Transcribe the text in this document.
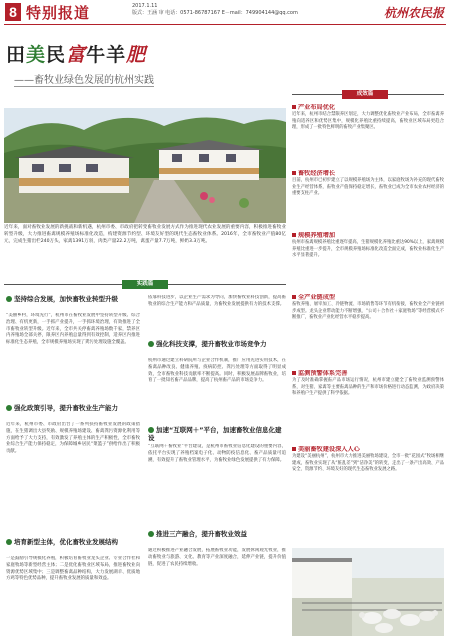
8 特别报道	2017.1.11
版式：王涵 审 电话：0571-86787167 E－mail：749904144@qq.com	杭州农民报
田美民富牛羊肥
——畜牧业绿色发展的杭州实践
近年来，面对畜牧业发展的新挑战和新机遇，杭州市委、市政府把转变畜牧业发展方式作为推进现代农业发展的重要内容，积极推进畜牧业转型升级，大力推进畜禽规模养殖场标准化改造，构建资源节约型、环境友好型的现代生态畜牧业体系。2016年，全市畜牧业产值80亿元，完成生猪出栏240万头，家禽1391万羽，肉类产量22.2万吨，禽蛋产量7.7万吨，鲜奶3.3万吨。
实践篇
坚持综合发展，加快畜牧业转型升级
“美丽乡村，环境先行”，杭州市在畜牧业发展中坚持转型升级、综合治理、有机更新，一手抓产业提升，一手抓环境治理，有效推进了全市畜牧业转型升级。近年来，全市共关停畜禽养殖场数千家，禁养区内养殖场全部关停，限养区内养殖总量得到有效控制，适养区内推进标准化生态养殖，全市规模养殖场实现了粪污处理设施全覆盖。
强化政策引导，提升畜牧业生产能力
近年来，杭州市委、市政府出台了一系列扶持畜牧业发展的政策措施，在生猪调出大县奖励、规模养殖场建设、畜禽粪污资源化利用等方面给予了大力支持，有效激发了养殖主体的生产积极性，全市畜牧业综合生产能力保持稳定，为保障城乡居民“菜篮子”供给作出了积极贡献。
培育新型主体，优化畜牧业发展结构
一是鼓励引导规模化养殖，积极培育畜牧业龙头企业、专业合作社和家庭牧场等新型经营主体；二是优化畜牧业区域布局，推进畜牧业向资源优势区域集中；三是调整畜禽品种结构，大力发展湖羊、优质地方鸡等特色优势品种，提升畜牧业发展的质量和效益。
依靠科技进步，以企业生产需求为导向，加快畜牧业科技创新，提高畜牧业的综合生产能力和产品质量，为畜牧业发展提供有力的技术支撑。
强化科技支撑，提升畜牧业市场竞争力
杭州市通过建立科研院所与企业合作机制，推广应用先进实用技术，在畜禽品种改良、健康养殖、疫病防控、粪污处理等方面取得了明显成效，全市畜牧业科技贡献率不断提高。同时，积极发展品牌畜牧业，培育了一批知名畜产品品牌，提高了杭州畜产品的市场竞争力。
加速“互联网＋”平台，加速畜牧业信息化建设
“互联网＋畜牧业”平台建设，是杭州市畜牧业信息化建设的重要内容，依托平台实现了养殖档案电子化、动物防疫信息化、畜产品质量可追溯，有效提升了畜牧业管理水平，为畜牧业绿色发展提供了有力保障。
推进三产融合，提升畜牧业效益
通过积极推进产业融合发展，拓展畜牧业功能，发展休闲观光牧业，推动畜牧业与旅游、文化、教育等产业深度融合，延伸产业链，提升价值链，促进了农民持续增收。
成效篇
产业布局优化
近年来，杭州市结合禁限养区划定，大力调整优化畜牧业产业布局，全市畜禽养殖向适养区和优势区集中，规模化养殖比重持续提高，畜牧业区域布局更趋合理，形成了一批特色鲜明的畜牧产业集聚区。
畜牧经济增长
目前，杭州市已初步建立了以规模养殖场为主体，以家庭牧场为补充的现代畜牧业生产经营体系，畜牧业产值保持稳定增长，畜牧业已成为全市农业农村经济的重要支柱产业。
规模养殖增加
杭州市畜禽规模养殖比重逐年提高，生猪规模化养殖比重达90%以上，家禽规模养殖比重进一步提升，全市规模养殖场标准化改造全面完成，畜牧业标准化生产水平显著提升。
全产业链成型
畜牧养殖、屠宰加工、冷链物流、市场销售等环节有机衔接，畜牧业全产业链初步成型。龙头企业带动能力不断增强，“公司＋合作社＋家庭牧场”等经营模式不断推广，畜牧业产业化经营水平稳步提高。
监测预警体系完善
为了及时准确掌握畜产品市场运行情况，杭州市建立健全了畜牧业监测预警体系，对生猪、家禽等主要畜禽品种的生产和市场价格进行动态监测，为政府决策和养殖户生产提供了科学依据。
美丽畜牧建设深入人心
为建设“美丽杭州”，杭州市大力推进美丽牧场建设，全市一批“花园式”牧场相继建成，畜牧业实现了从“脏乱差”到“洁净美”的转变，走出了一条产出高效、产品安全、资源节约、环境友好的现代生态畜牧业发展之路。
